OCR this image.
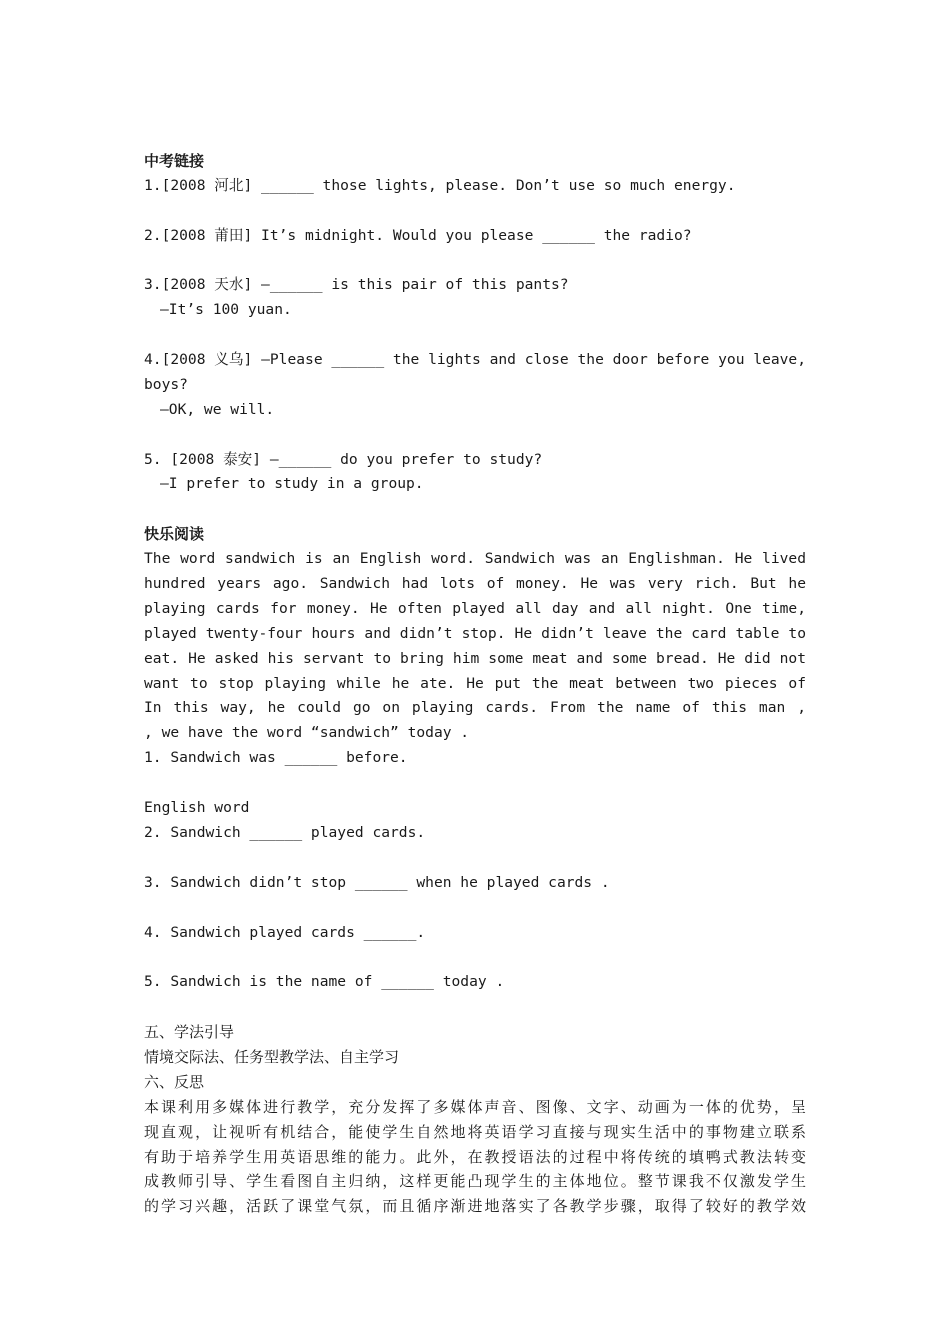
中考链接
1.[2008 河北] ______ those lights, please. Don’t use so much energy.

2.[2008 莆田] It’s midnight. Would you please ______ the radio?

3.[2008 天水] —______ is this pair of this pants?
—It’s 100 yuan.

4.[2008 义乌] —Please ______ the lights and close the door before you leave,
boys?
—OK, we will.

5. [2008 泰安] —______ do you prefer to study?
—I prefer to study in a group.

快乐阅读
The word sandwich is an English word. Sandwich was an Englishman. He lived
hundred years ago. Sandwich had lots of money. He was very rich. But he
playing cards for money. He often played all day and all night. One time,
played twenty-four hours and didn’t stop. He didn’t leave the card table to
eat. He asked his servant to bring him some meat and some bread. He did not
want to stop playing while he ate. He put the meat between two pieces of
In this way, he could go on playing cards. From the name of this man ,
, we have the word “sandwich” today .
1. Sandwich was ______ before.

English word
2. Sandwich ______ played cards.

3. Sandwich didn’t stop ______ when he played cards .

4. Sandwich played cards ______.

5. Sandwich is the name of ______ today .

五、学法引导
情境交际法、任务型教学法、自主学习
六、反思
本课利用多媒体进行教学，充分发挥了多媒体声音、图像、文字、动画为一体的优势，呈
现直观，让视听有机结合，能使学生自然地将英语学习直接与现实生活中的事物建立联系
有助于培养学生用英语思维的能力。此外，在教授语法的过程中将传统的填鸭式教法转变
成教师引导、学生看图自主归纳，这样更能凸现学生的主体地位。整节课我不仅激发学生
的学习兴趣，活跃了课堂气氛，而且循序渐进地落实了各教学步骤，取得了较好的教学效
